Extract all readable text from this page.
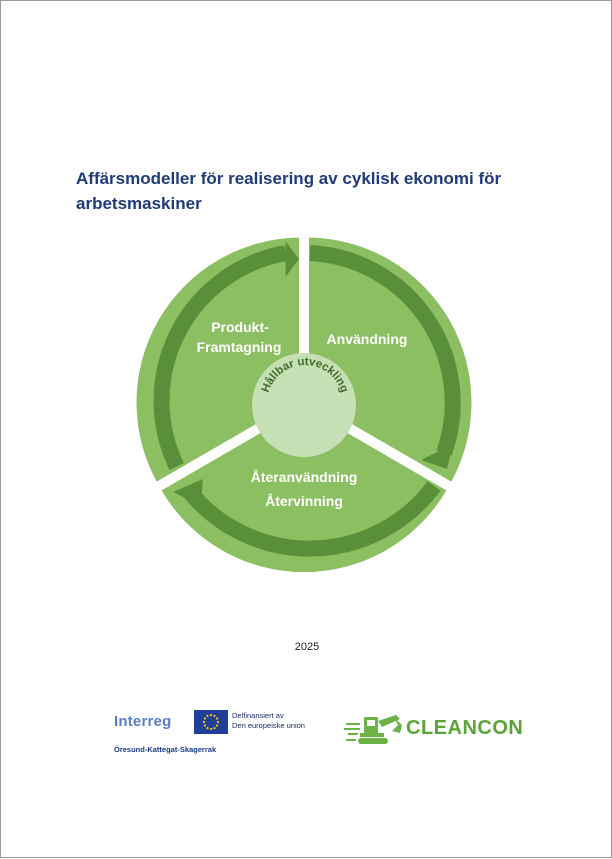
Affärsmodeller för realisering av cyklisk ekonomi för arbetsmaskiner
Hållbar utveckling
Produkt-
Framtagning	Användning
Återanvändning
Återvinning
2025
Interreg	Delfinansiert av
Den europeiske union
Öresund-Kattegat-Skagerrak
CLEANCON
